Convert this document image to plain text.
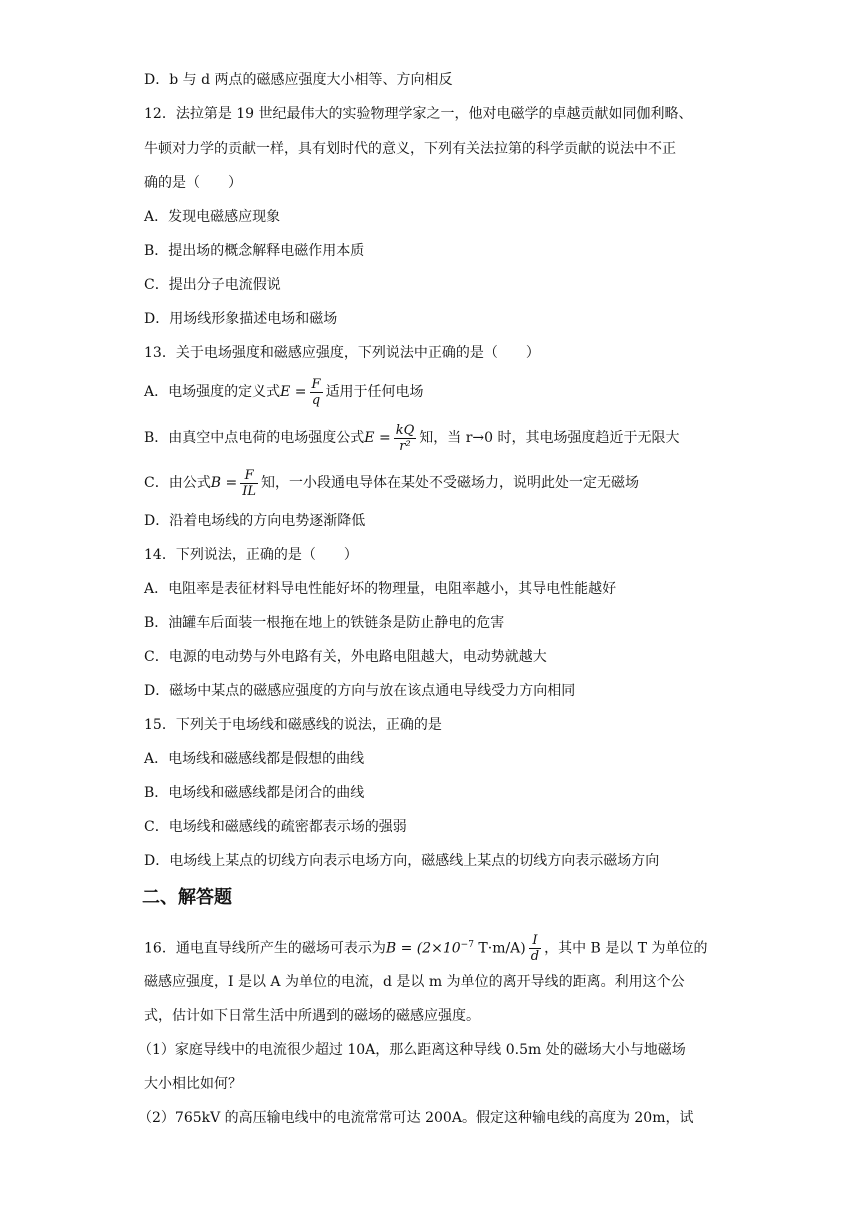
D．b 与 d 两点的磁感应强度大小相等、方向相反
12．法拉第是 19 世纪最伟大的实验物理学家之一，他对电磁学的卓越贡献如同伽利略、
牛顿对力学的贡献一样，具有划时代的意义，下列有关法拉第的科学贡献的说法中不正
确的是（　　）
A．发现电磁感应现象
B．提出场的概念解释电磁作用本质
C．提出分子电流假说
D．用场线形象描述电场和磁场
13．关于电场强度和磁感应强度，下列说法中正确的是（　　）
A．电场强度的定义式$E = \frac{F}{q}$ 适用于任何电场
B．由真空中点电荷的电场强度公式$E = \frac{kQ}{\text{r²}}$ 知，当 r→0 时，其电场强度趋近于无限大
C．由公式$B = \frac{F}{IL}$ 知，一小段通电导体在某处不受磁场力，说明此处一定无磁场
D．沿着电场线的方向电势逐渐降低
14．下列说法，正确的是（　　）
A．电阻率是表征材料导电性能好坏的物理量，电阻率越小，其导电性能越好
B．油罐车后面装一根拖在地上的铁链条是防止静电的危害
C．电源的电动势与外电路有关，外电路电阻越大，电动势就越大
D．磁场中某点的磁感应强度的方向与放在该点通电导线受力方向相同
15．下列关于电场线和磁感线的说法，正确的是
A．电场线和磁感线都是假想的曲线
B．电场线和磁感线都是闭合的曲线
C．电场线和磁感线的疏密都表示场的强弱
D．电场线上某点的切线方向表示电场方向，磁感线上某点的切线方向表示磁场方向
二、解答题
16．通电直导线所产生的磁场可表示为$B = (2\times 10^{-7}$ $T\cdot m/A) \frac{I}{d}$ ，其中 B 是以 T 为单位的
磁感应强度，I 是以 A 为单位的电流，d 是以 m 为单位的离开导线的距离。利用这个公
式，估计如下日常生活中所遇到的磁场的磁感应强度。
（1）家庭导线中的电流很少超过 10A，那么距离这种导线 0.5m 处的磁场大小与地磁场
大小相比如何？
（2）765kV 的高压输电线中的电流常常可达 200A。假定这种输电线的高度为 20m，试
